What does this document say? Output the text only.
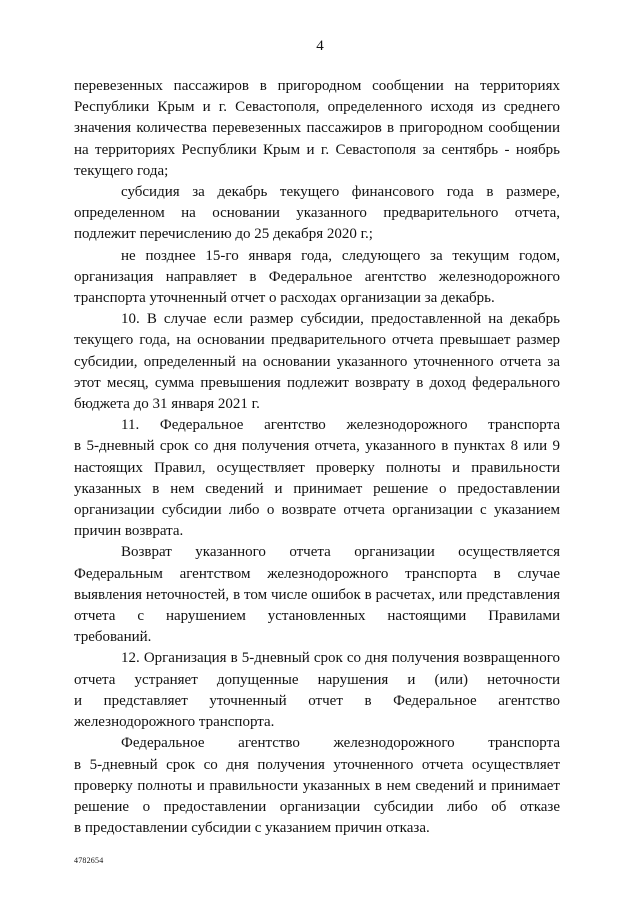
4

перевезенных пассажиров в пригородном сообщении на территориях
Республики Крым и г. Севастополя, определенного исходя из среднего
значения количества перевезенных пассажиров в пригородном сообщении
на территориях Республики Крым и г. Севастополя за сентябрь - ноябрь
текущего года;

субсидия за декабрь текущего финансового года в размере,
определенном на основании указанного предварительного отчета,
подлежит перечислению до 25 декабря 2020 г.;

не позднее 15-го января года, следующего за текущим годом,
организация направляет в Федеральное агентство железнодорожного
транспорта уточненный отчет о расходах организации за декабрь.

10. В случае если размер субсидии, предоставленной на декабрь
текущего года, на основании предварительного отчета превышает размер
субсидии, определенный на основании указанного уточненного отчета за
этот месяц, сумма превышения подлежит возврату в доход федерального
бюджета до 31 января 2021 г.

11. Федеральное агентство железнодорожного транспорта
в 5-дневный срок со дня получения отчета, указанного в пунктах 8 или 9
настоящих Правил, осуществляет проверку полноты и правильности
указанных в нем сведений и принимает решение о предоставлении
организации субсидии либо о возврате отчета организации с указанием
причин возврата.

Возврат указанного отчета организации осуществляется
Федеральным агентством железнодорожного транспорта в случае
выявления неточностей, в том числе ошибок в расчетах, или представления
отчета с нарушением установленных настоящими Правилами
требований.

12. Организация в 5-дневный срок со дня получения возвращенного
отчета устраняет допущенные нарушения и (или) неточности
и представляет уточненный отчет в Федеральное агентство
железнодорожного транспорта.

Федеральное агентство железнодорожного транспорта
в 5-дневный срок со дня получения уточненного отчета осуществляет
проверку полноты и правильности указанных в нем сведений и принимает
решение о предоставлении организации субсидии либо об отказе
в предоставлении субсидии с указанием причин отказа.

4782654
